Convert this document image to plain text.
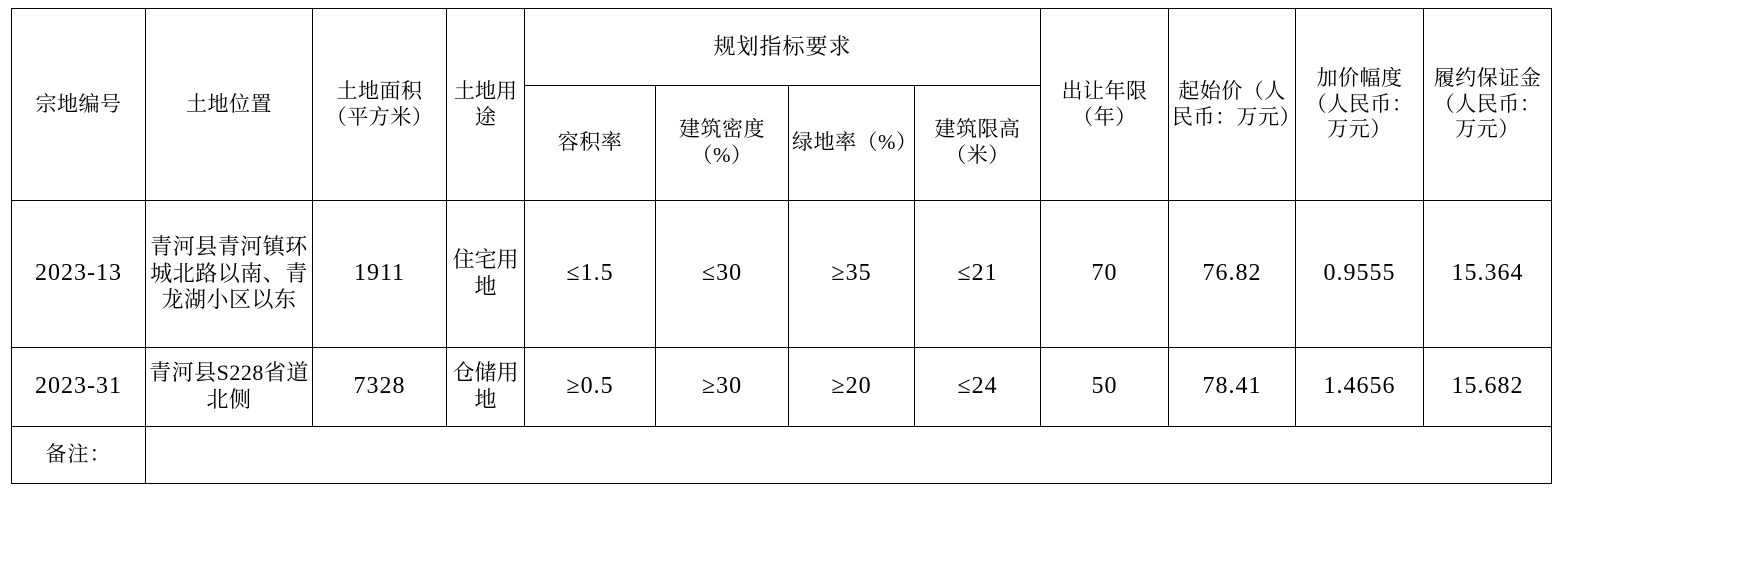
宗地编号	土地位置	土地面积（平方米）	土地用途	规划指标要求				出让年限（年）	起始价（人民币：万元）	加价幅度（人民币：万元）	履约保证金（人民币：万元）
				容积率	建筑密度（%）	绿地率（%）	建筑限高（米）				
2023-13	青河县青河镇环城北路以南、青龙湖小区以东	1911	住宅用地	≤1.5	≤30	≥35	≤21	70	76.82	0.9555	15.364
2023-31	青河县S228省道北侧	7328	仓储用地	≥0.5	≥30	≥20	≤24	50	78.41	1.4656	15.682
备注：											
